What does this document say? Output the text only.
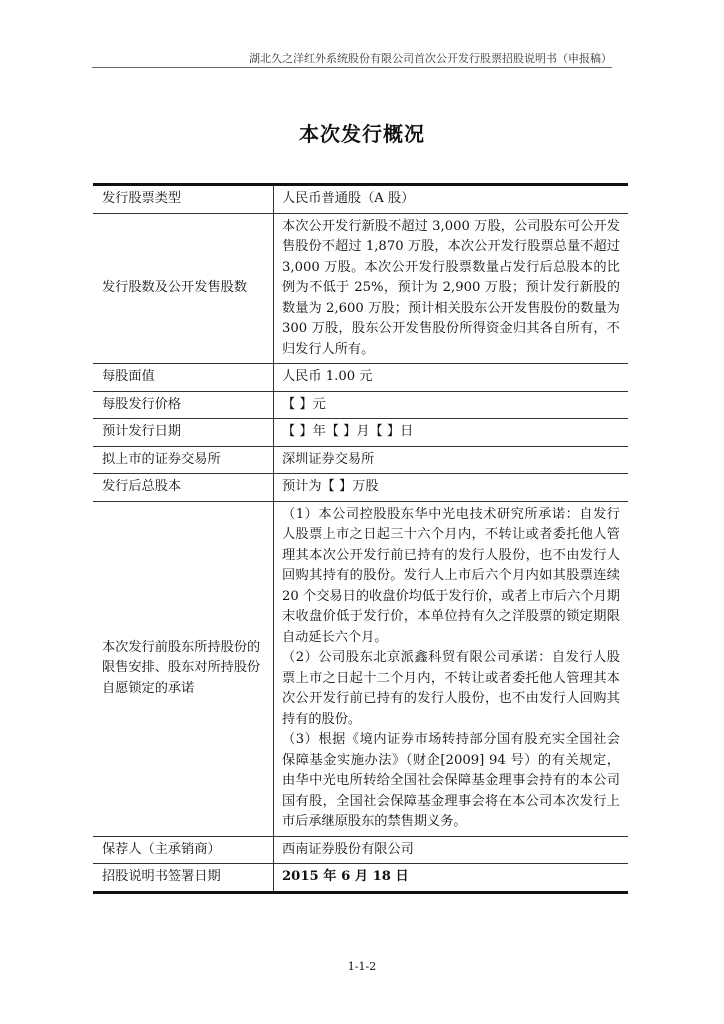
湖北久之洋红外系统股份有限公司首次公开发行股票招股说明书（申报稿）
本次发行概况
发行股票类型	人民币普通股（A 股）
发行股数及公开发售股数	本次公开发行新股不超过 3,000 万股，公司股东可公开发售股份不超过 1,870 万股，本次公开发行股票总量不超过 3,000 万股。本次公开发行股票数量占发行后总股本的比例为不低于 25%，预计为 2,900 万股；预计发行新股的数量为 2,600 万股；预计相关股东公开发售股份的数量为 300 万股，股东公开发售股份所得资金归其各自所有，不归发行人所有。
每股面值	人民币 1.00 元
每股发行价格	【 】元
预计发行日期	【 】年【 】月【 】日
拟上市的证券交易所	深圳证券交易所
发行后总股本	预计为【 】万股
本次发行前股东所持股份的限售安排、股东对所持股份自愿锁定的承诺	（1）本公司控股股东华中光电技术研究所承诺：自发行人股票上市之日起三十六个月内，不转让或者委托他人管理其本次公开发行前已持有的发行人股份，也不由发行人回购其持有的股份。发行人上市后六个月内如其股票连续 20 个交易日的收盘价均低于发行价，或者上市后六个月期末收盘价低于发行价，本单位持有久之洋股票的锁定期限自动延长六个月。

（2）公司股东北京派鑫科贸有限公司承诺：自发行人股票上市之日起十二个月内，不转让或者委托他人管理其本次公开发行前已持有的发行人股份，也不由发行人回购其持有的股份。

（3）根据《境内证券市场转持部分国有股充实全国社会保障基金实施办法》（财企[2009] 94 号）的有关规定，由华中光电所转给全国社会保障基金理事会持有的本公司国有股，全国社会保障基金理事会将在本公司本次发行上市后承继原股东的禁售期义务。

保荐人（主承销商）	西南证券股份有限公司
招股说明书签署日期	2015 年 6 月 18 日
1-1-2
